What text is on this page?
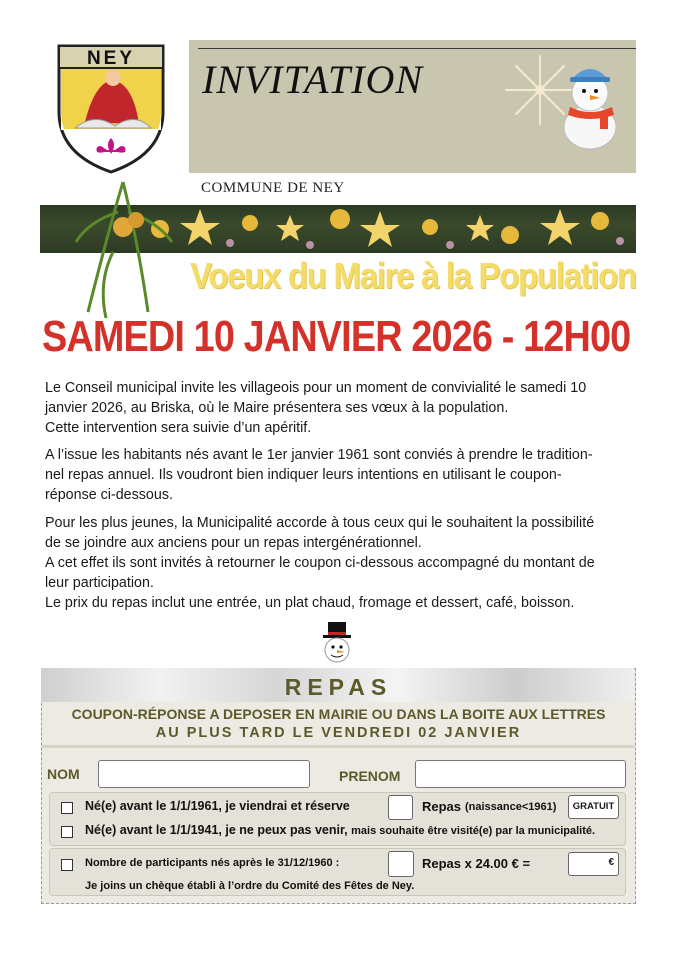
NEY INVITATION
COMMUNE DE NEY
Voeux du Maire à la Population
SAMEDI 10 JANVIER 2026 - 12H00

Le Conseil municipal invite les villageois pour un moment de convivialité le samedi 10

janvier 2026, au Briska, où le Maire présentera ses vœux à la population.

Cette intervention sera suivie d’un apéritif.

A l’issue les habitants nés avant le 1er janvier 1961 sont conviés à prendre le tradition-

nel repas annuel. Ils voudront bien indiquer leurs intentions en utilisant le coupon-

réponse ci-dessous.

Pour les plus jeunes, la Municipalité accorde à tous ceux qui le souhaitent la possibilité

de se joindre aux anciens pour un repas intergénérationnel.

A cet effet ils sont invités à retourner le coupon ci-dessous accompagné du montant de

leur participation.

Le prix du repas inclut une entrée, un plat chaud, fromage et dessert, café, boisson.

REPAS
COUPON-RÉPONSE A DEPOSER EN MAIRIE OU DANS LA BOITE AUX LETTRES
AU PLUS TARD LE VENDREDI 02 JANVIER
NOM	PRENOM
Né(e) avant le 1/1/1961, je viendrai et réserve	Repas (naissance<1961)	GRATUIT
Né(e) avant le 1/1/1941, je ne peux pas venir, mais souhaite être visité(e) par la municipalité.
Nombre de participants nés après le 31/12/1960 :	Repas x 24.00 € =	€
Je joins un chèque établi à l’ordre du Comité des Fêtes de Ney.
